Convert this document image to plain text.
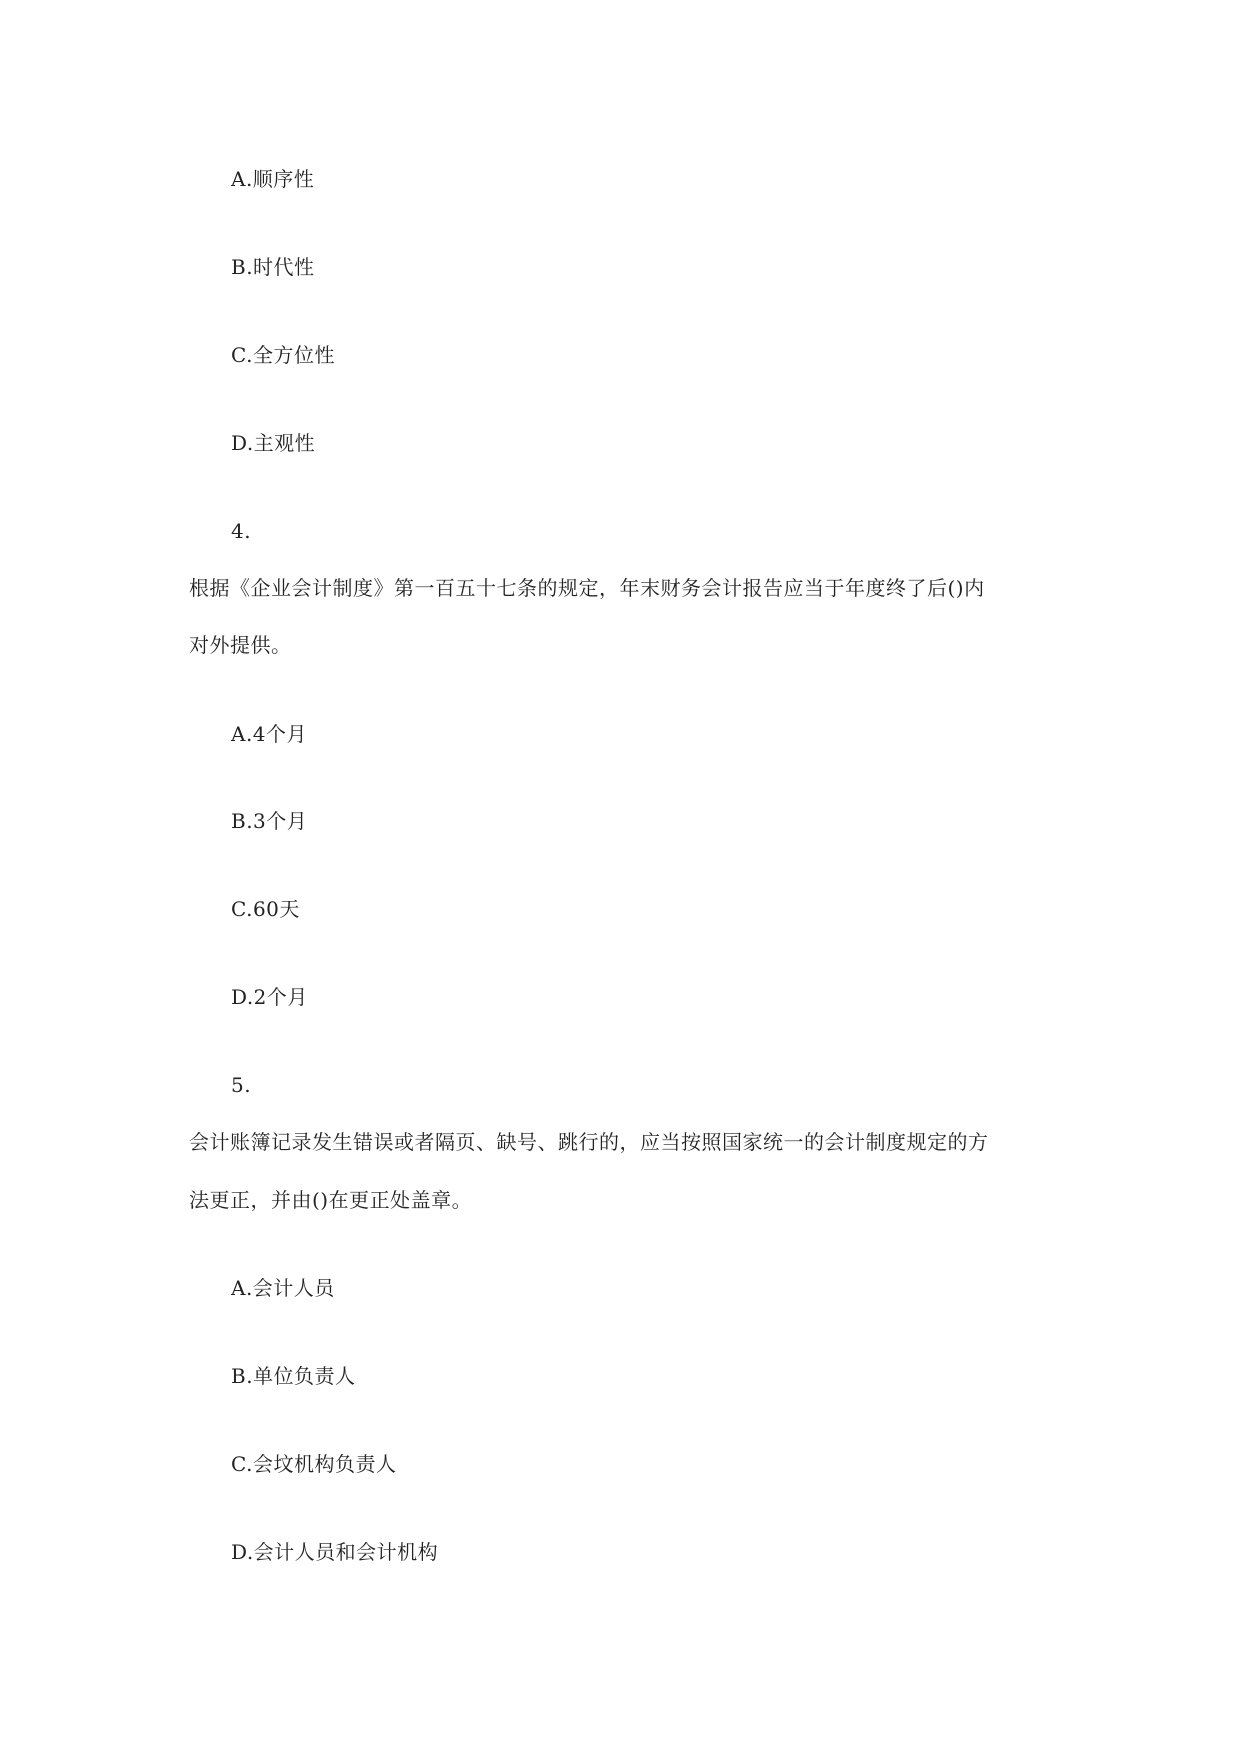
A.顺序性
B.时代性
C.全方位性
D.主观性
4.
根据《企业会计制度》第一百五十七条的规定，年末财务会计报告应当于年度终了后()内
对外提供。
A.4个月
B.3个月
C.60天
D.2个月
5.
会计账簿记录发生错误或者隔页、缺号、跳行的，应当按照国家统一的会计制度规定的方
法更正，并由()在更正处盖章。
A.会计人员
B.单位负责人
C.会坟机构负责人
D.会计人员和会计机构
